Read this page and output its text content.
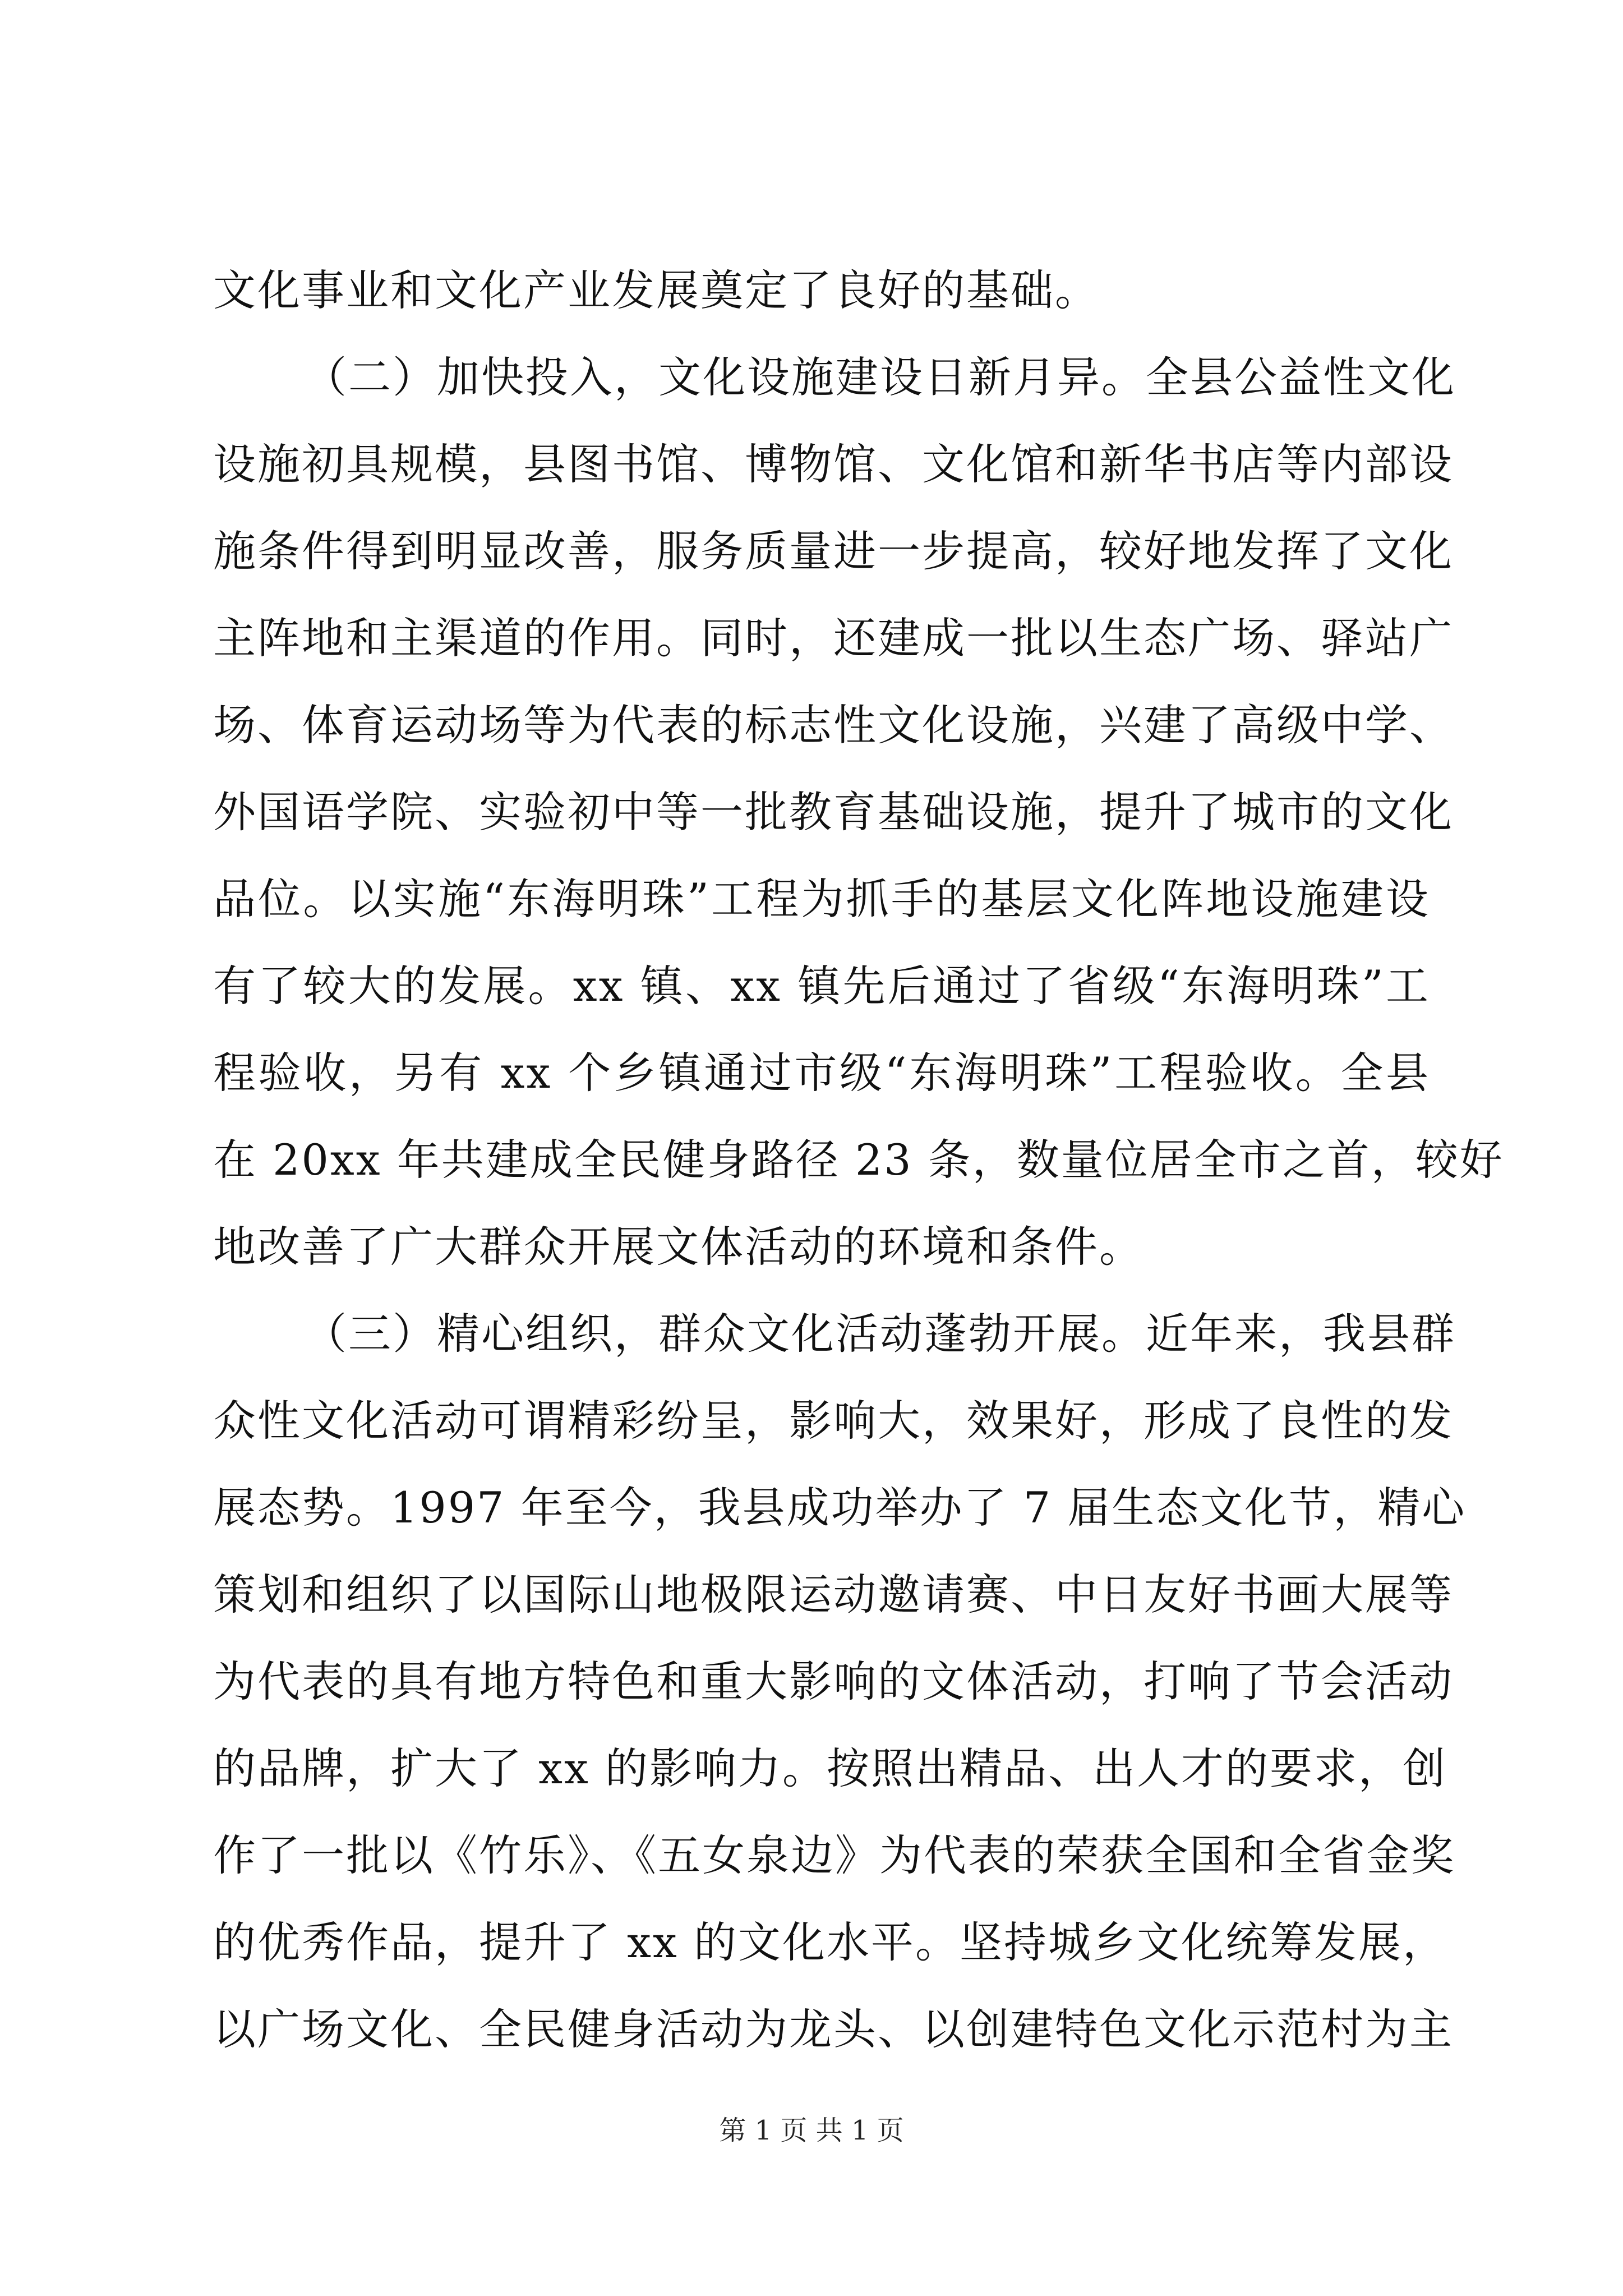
文化事业和文化产业发展奠定了良好的基础。
（二）加快投入，文化设施建设日新月异。全县公益性文化
设施初具规模，县图书馆、博物馆、文化馆和新华书店等内部设
施条件得到明显改善，服务质量进一步提高，较好地发挥了文化
主阵地和主渠道的作用。同时，还建成一批以生态广场、驿站广
场、体育运动场等为代表的标志性文化设施，兴建了高级中学、
外国语学院、实验初中等一批教育基础设施，提升了城市的文化
品位。以实施“东海明珠”工程为抓手的基层文化阵地设施建设
有了较大的发展。xx 镇、xx 镇先后通过了省级“东海明珠”工
程验收，另有 xx 个乡镇通过市级“东海明珠”工程验收。全县
在 20xx 年共建成全民健身路径 23 条，数量位居全市之首，较好
地改善了广大群众开展文体活动的环境和条件。
（三）精心组织，群众文化活动蓬勃开展。近年来，我县群
众性文化活动可谓精彩纷呈，影响大，效果好，形成了良性的发
展态势。1997 年至今，我县成功举办了 7 届生态文化节，精心
策划和组织了以国际山地极限运动邀请赛、中日友好书画大展等
为代表的具有地方特色和重大影响的文体活动，打响了节会活动
的品牌，扩大了 xx 的影响力。按照出精品、出人才的要求，创
作了一批以《竹乐》、《五女泉边》为代表的荣获全国和全省金奖
的优秀作品，提升了 xx 的文化水平。坚持城乡文化统筹发展，
以广场文化、全民健身活动为龙头、以创建特色文化示范村为主
第 1 页 共 1 页
